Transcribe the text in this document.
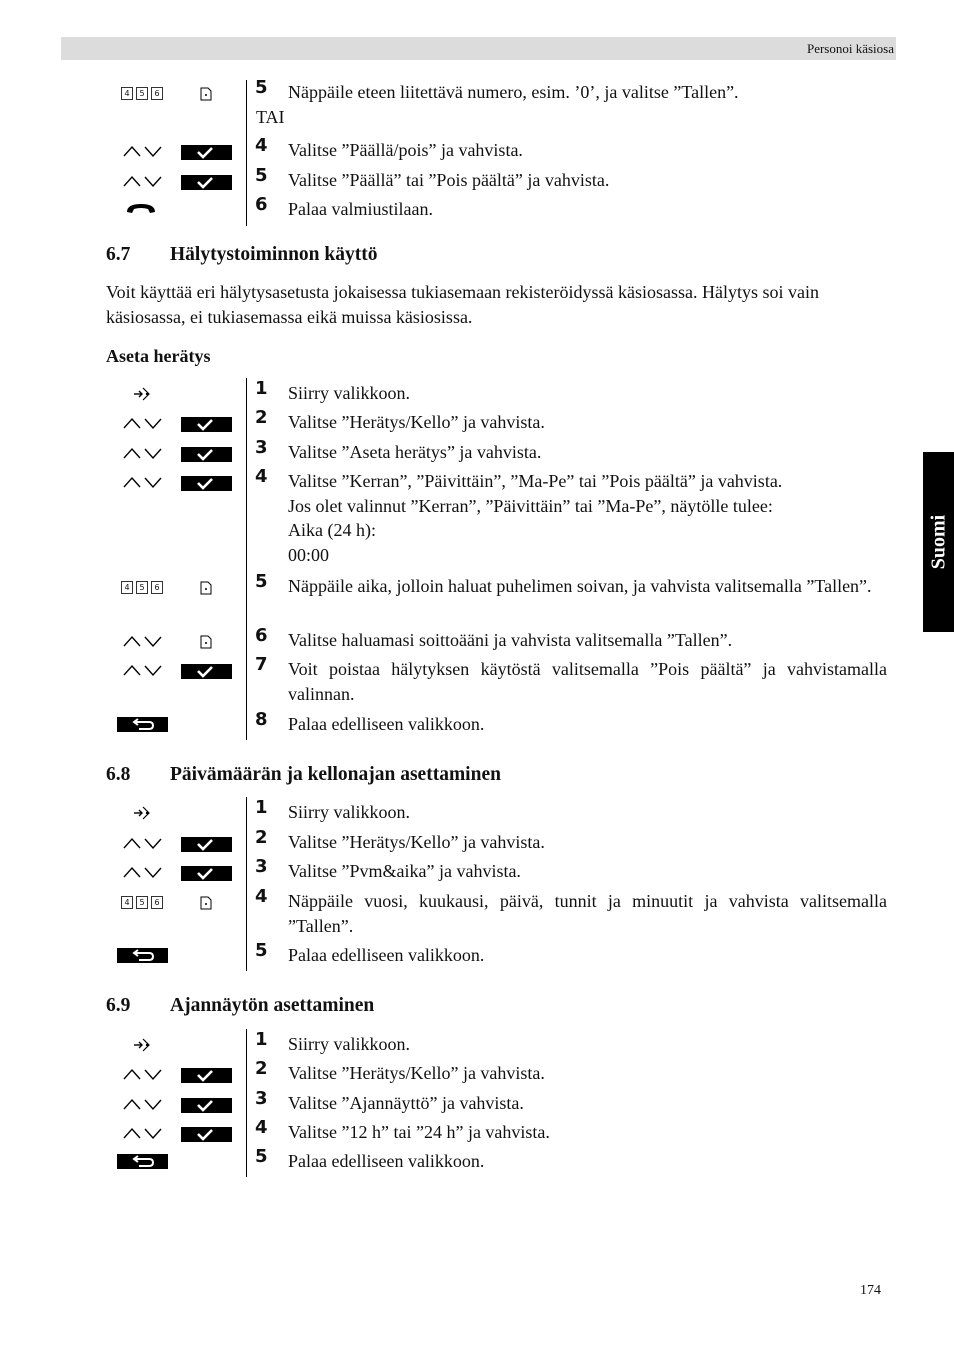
Personoi käsiosa
Suomi
4	5	6	5 Näppäile eteen liitettävä numero, esim. ’0’, ja valitse ”Tallen”.
TAI
4 Valitse ”Päällä/pois” ja vahvista.
5 Valitse ”Päällä” tai ”Pois päältä” ja vahvista.
6 Palaa valmiustilaan.
6.7 Hälytystoiminnon käyttö
Voit käyttää eri hälytysasetusta jokaisessa tukiasemaan rekisteröidyssä käsiosassa. Hälytys soi vain käsiosassa, ei tukiasemassa eikä muissa käsiosissa.
Aseta herätys
1 Siirry valikkoon.
2 Valitse ”Herätys/Kello” ja vahvista.
3 Valitse ”Aseta herätys” ja vahvista.
4 Valitse ”Kerran”, ”Päivittäin”, ”Ma-Pe” tai ”Pois päältä” ja vahvista.
Jos olet valinnut ”Kerran”, ”Päivittäin” tai ”Ma-Pe”, näytölle tulee:
Aika (24 h):
00:00
4	5	6	5 Näppäile aika, jolloin haluat puhelimen soivan, ja vahvista valitsemalla ”Tallen”.
6 Valitse haluamasi soittoääni ja vahvista valitsemalla ”Tallen”.
7 Voit poistaa hälytyksen käytöstä valitsemalla ”Pois päältä” ja vahvistamalla valinnan.
8 Palaa edelliseen valikkoon.
6.8 Päivämäärän ja kellonajan asettaminen
1 Siirry valikkoon.
2 Valitse ”Herätys/Kello” ja vahvista.
3 Valitse ”Pvm&aika” ja vahvista.
4	5	6	4 Näppäile vuosi, kuukausi, päivä, tunnit ja minuutit ja vahvista valitsemalla ”Tallen”.
5 Palaa edelliseen valikkoon.
6.9 Ajannäytön asettaminen
1 Siirry valikkoon.
2 Valitse ”Herätys/Kello” ja vahvista.
3 Valitse ”Ajannäyttö” ja vahvista.
4 Valitse ”12 h” tai ”24 h” ja vahvista.
5 Palaa edelliseen valikkoon.
174
